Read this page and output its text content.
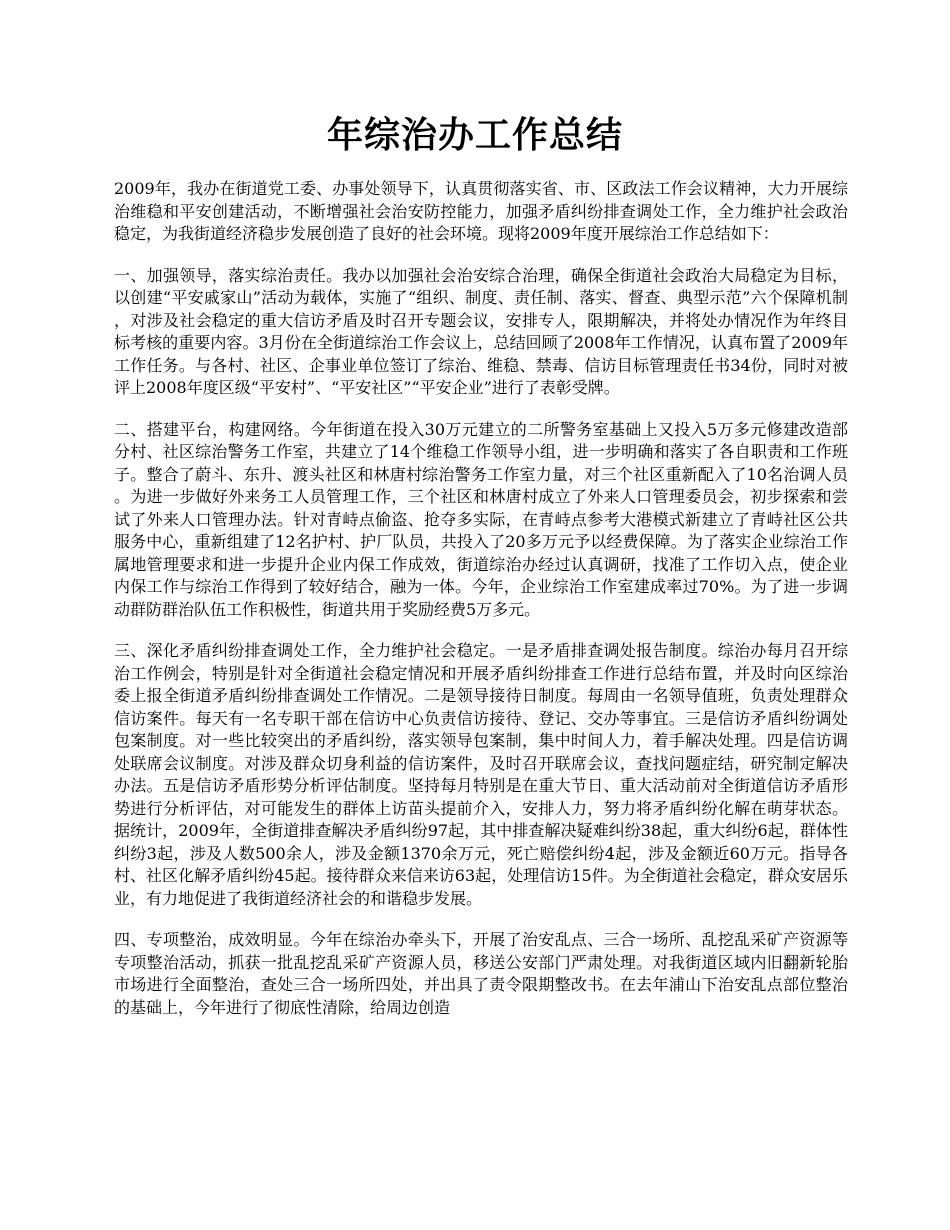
年综治办工作总结

2009年，我办在街道党工委、办事处领导下，认真贯彻落实省、市、区政法工作会议精神，大力开展综治维稳和平安创建活动，不断增强社会治安防控能力，加强矛盾纠纷排查调处工作，全力维护社会政治稳定，为我街道经济稳步发展创造了良好的社会环境。现将2009年度开展综治工作总结如下：

一、加强领导，落实综治责任。我办以加强社会治安综合治理，确保全街道社会政治大局稳定为目标，以创建“平安戚家山”活动为载体，实施了“组织、制度、责任制、落实、督查、典型示范”六个保障机制，对涉及社会稳定的重大信访矛盾及时召开专题会议，安排专人，限期解决，并将处办情况作为年终目标考核的重要内容。3月份在全街道综治工作会议上，总结回顾了2008年工作情况，认真布置了2009年工作任务。与各村、社区、企事业单位签订了综治、维稳、禁毒、信访目标管理责任书34份，同时对被评上2008年度区级“平安村”、“平安社区”“平安企业”进行了表彰受牌。

二、搭建平台，构建网络。今年街道在投入30万元建立的二所警务室基础上又投入5万多元修建改造部分村、社区综治警务工作室，共建立了14个维稳工作领导小组，进一步明确和落实了各自职责和工作班子。整合了蔚斗、东升、渡头社区和林唐村综治警务工作室力量，对三个社区重新配入了10名治调人员。为进一步做好外来务工人员管理工作，三个社区和林唐村成立了外来人口管理委员会，初步探索和尝试了外来人口管理办法。针对青峙点偷盗、抢夺多实际，在青峙点参考大港模式新建立了青峙社区公共服务中心，重新组建了12名护村、护厂队员，共投入了20多万元予以经费保障。为了落实企业综治工作属地管理要求和进一步提升企业内保工作成效，街道综治办经过认真调研，找准了工作切入点，使企业内保工作与综治工作得到了较好结合，融为一体。今年，企业综治工作室建成率过70%。为了进一步调动群防群治队伍工作积极性，街道共用于奖励经费5万多元。

三、深化矛盾纠纷排查调处工作，全力维护社会稳定。一是矛盾排查调处报告制度。综治办每月召开综治工作例会，特别是针对全街道社会稳定情况和开展矛盾纠纷排查工作进行总结布置，并及时向区综治委上报全街道矛盾纠纷排查调处工作情况。二是领导接待日制度。每周由一名领导值班，负责处理群众信访案件。每天有一名专职干部在信访中心负责信访接待、登记、交办等事宜。三是信访矛盾纠纷调处包案制度。对一些比较突出的矛盾纠纷，落实领导包案制，集中时间人力，着手解决处理。四是信访调处联席会议制度。对涉及群众切身利益的信访案件，及时召开联席会议，查找问题症结，研究制定解决办法。五是信访矛盾形势分析评估制度。坚持每月特别是在重大节日、重大活动前对全街道信访矛盾形势进行分析评估，对可能发生的群体上访苗头提前介入，安排人力，努力将矛盾纠纷化解在萌芽状态。据统计，2009年，全街道排查解决矛盾纠纷97起，其中排查解决疑难纠纷38起，重大纠纷6起，群体性纠纷3起，涉及人数500余人，涉及金额1370余万元，死亡赔偿纠纷4起，涉及金额近60万元。指导各村、社区化解矛盾纠纷45起。接待群众来信来访63起，处理信访15件。为全街道社会稳定，群众安居乐业，有力地促进了我街道经济社会的和谐稳步发展。

四、专项整治，成效明显。今年在综治办牵头下，开展了治安乱点、三合一场所、乱挖乱采矿产资源等专项整治活动，抓获一批乱挖乱采矿产资源人员，移送公安部门严肃处理。对我街道区域内旧翻新轮胎市场进行全面整治，查处三合一场所四处，并出具了责令限期整改书。在去年浦山下治安乱点部位整治的基础上，今年进行了彻底性清除，给周边创造
